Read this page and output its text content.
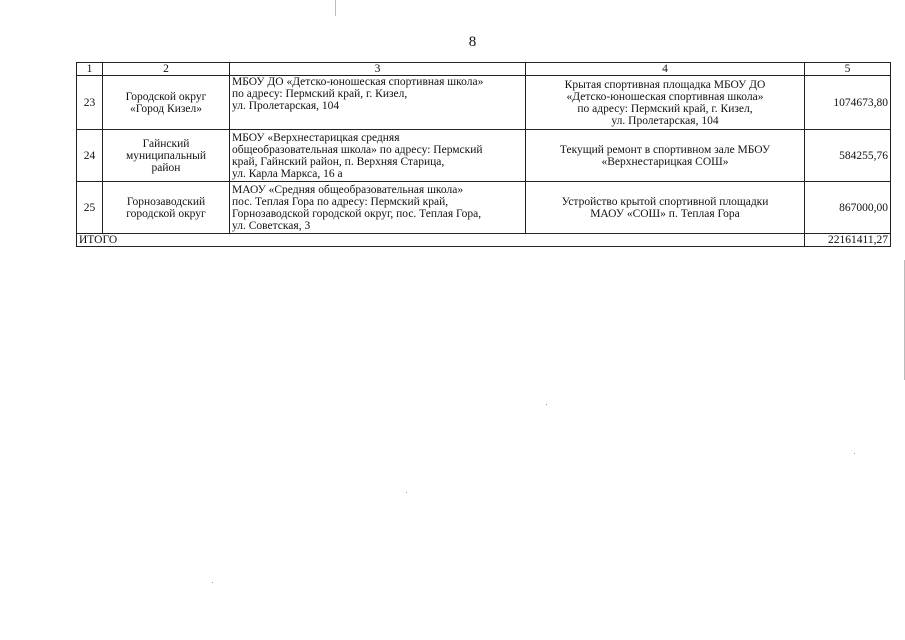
8
1	2	3	4	5
23	Городской округ
«Город Кизел»	МБОУ ДО «Детско-юношеская спортивная школа»
по адресу: Пермский край, г. Кизел,
ул. Пролетарская, 104	Крытая спортивная площадка МБОУ ДО
«Детско-юношеская спортивная школа»
по адресу: Пермский край, г. Кизел,
ул. Пролетарская, 104	1074673,80
24	Гайнский
муниципальный
район	МБОУ «Верхнестарицкая средняя
общеобразовательная школа» по адресу: Пермский
край, Гайнский район, п. Верхняя Старица,
ул. Карла Маркса, 16 а	Текущий ремонт в спортивном зале МБОУ
«Верхнестарицкая СОШ»	584255,76
25	Горнозаводский
городской округ	МАОУ «Средняя общеобразовательная школа»
пос. Теплая Гора по адресу: Пермский край,
Горнозаводской городской округ, пос. Теплая Гора,
ул. Советская, 3	Устройство крытой спортивной площадки
МАОУ «СОШ» п. Теплая Гора	867000,00
ИТОГО				22161411,27
